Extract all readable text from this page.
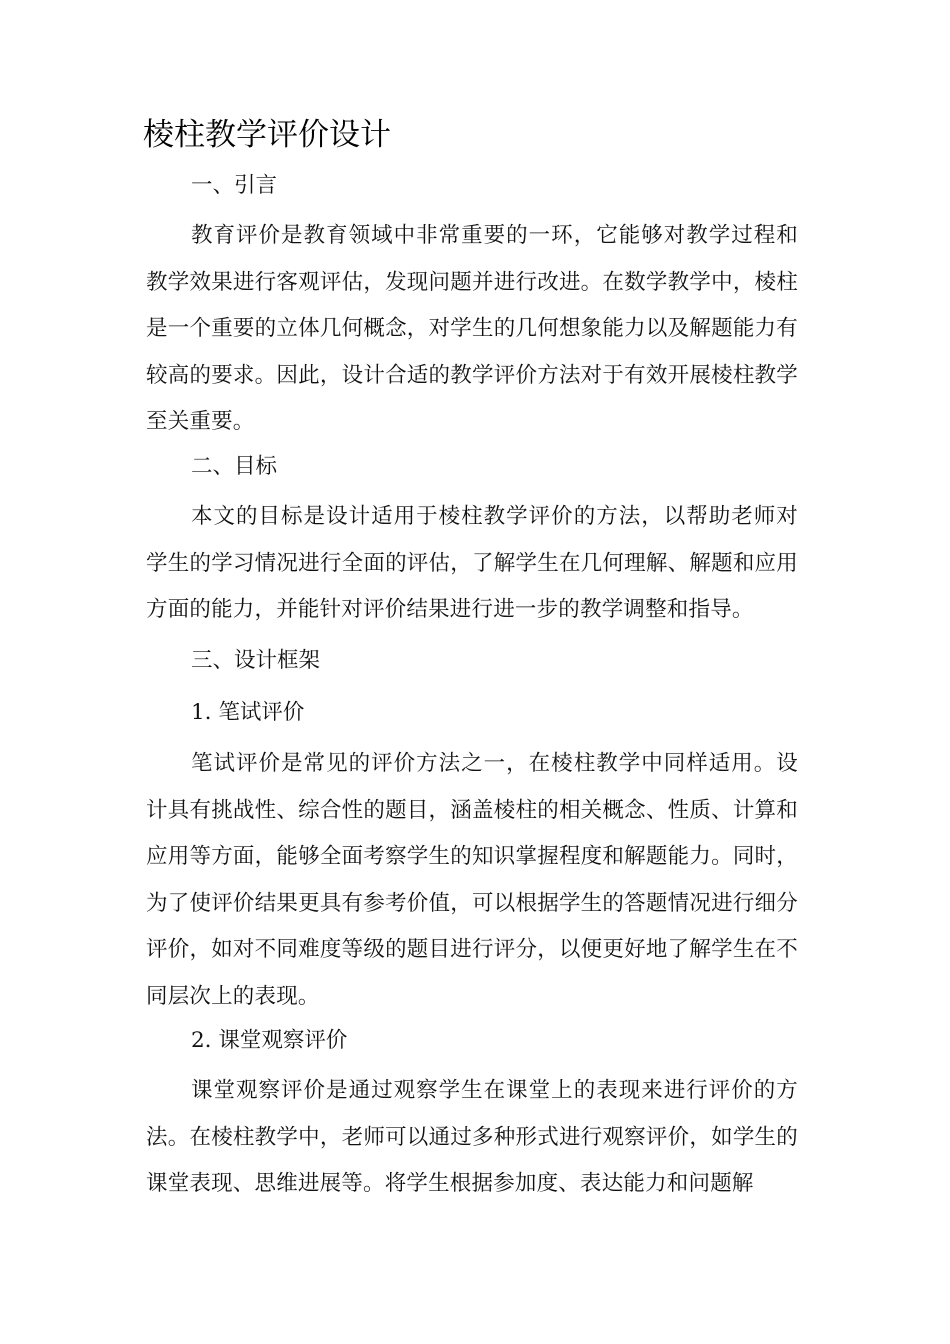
棱柱教学评价设计
一、引言
教育评价是教育领域中非常重要的一环，它能够对教学过程和教学效果进行客观评估，发现问题并进行改进。在数学教学中，棱柱是一个重要的立体几何概念，对学生的几何想象能力以及解题能力有较高的要求。因此，设计合适的教学评价方法对于有效开展棱柱教学至关重要。
二、目标
本文的目标是设计适用于棱柱教学评价的方法，以帮助老师对学生的学习情况进行全面的评估，了解学生在几何理解、解题和应用方面的能力，并能针对评价结果进行进一步的教学调整和指导。
三、设计框架
1. 笔试评价
笔试评价是常见的评价方法之一，在棱柱教学中同样适用。设计具有挑战性、综合性的题目，涵盖棱柱的相关概念、性质、计算和应用等方面，能够全面考察学生的知识掌握程度和解题能力。同时，为了使评价结果更具有参考价值，可以根据学生的答题情况进行细分评价，如对不同难度等级的题目进行评分，以便更好地了解学生在不同层次上的表现。
2. 课堂观察评价
课堂观察评价是通过观察学生在课堂上的表现来进行评价的方法。在棱柱教学中，老师可以通过多种形式进行观察评价，如学生的课堂表现、思维进展等。将学生根据参加度、表达能力和问题解
